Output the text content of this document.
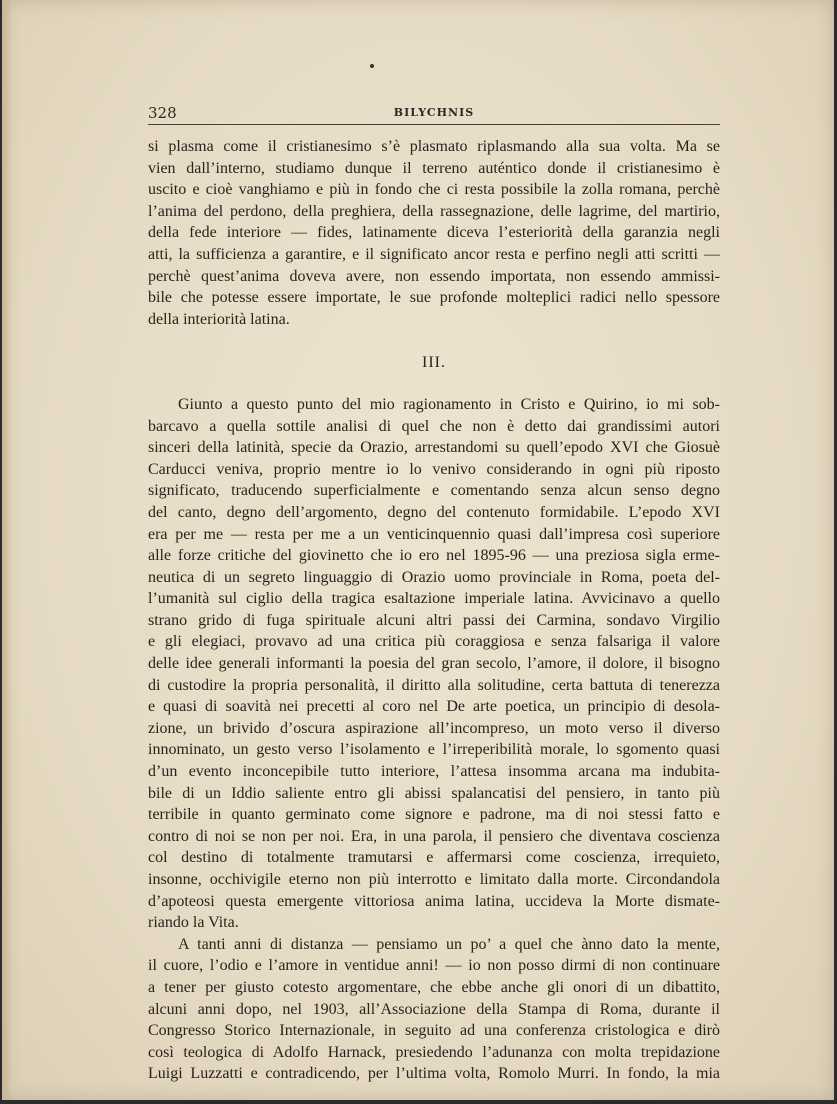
328	BILYCHNIS

si plasma come il cristianesimo s’è plasmato riplasmando alla sua volta. Ma se
vien dall’interno, studiamo dunque il terreno auténtico donde il cristianesimo è
uscito e cioè vanghiamo e più in fondo che ci resta possibile la zolla romana, perchè
l’anima del perdono, della preghiera, della rassegnazione, delle lagrime, del martirio,
della fede interiore — fides, latinamente diceva l’esteriorità della garanzia negli
atti, la sufficienza a garantire, e il significato ancor resta e perfino negli atti scritti —
perchè quest’anima doveva avere, non essendo importata, non essendo ammissi-
bile che potesse essere importate, le sue profonde molteplici radici nello spessore
della interiorità latina.

III.

Giunto a questo punto del mio ragionamento in Cristo e Quirino, io mi sob-
barcavo a quella sottile analisi di quel che non è detto dai grandissimi autori
sinceri della latinità, specie da Orazio, arrestandomi su quell’epodo XVI che Giosuè
Carducci veniva, proprio mentre io lo venivo considerando in ogni più riposto
significato, traducendo superficialmente e comentando senza alcun senso degno
del canto, degno dell’argomento, degno del contenuto formidabile. L’epodo XVI
era per me — resta per me a un venticinquennio quasi dall’impresa così superiore
alle forze critiche del giovinetto che io ero nel 1895-96 — una preziosa sigla erme-
neutica di un segreto linguaggio di Orazio uomo provinciale in Roma, poeta del-
l’umanità sul ciglio della tragica esaltazione imperiale latina. Avvicinavo a quello
strano grido di fuga spirituale alcuni altri passi dei Carmina, sondavo Virgilio
e gli elegiaci, provavo ad una critica più coraggiosa e senza falsariga il valore
delle idee generali informanti la poesia del gran secolo, l’amore, il dolore, il bisogno
di custodire la propria personalità, il diritto alla solitudine, certa battuta di tenerezza
e quasi di soavità nei precetti al coro nel De arte poetica, un principio di desola-
zione, un brivido d’oscura aspirazione all’incompreso, un moto verso il diverso
innominato, un gesto verso l’isolamento e l’irreperibilità morale, lo sgomento quasi
d’un evento inconcepibile tutto interiore, l’attesa insomma arcana ma indubita-
bile di un Iddio saliente entro gli abissi spalancatisi del pensiero, in tanto più
terribile in quanto germinato come signore e padrone, ma di noi stessi fatto e
contro di noi se non per noi. Era, in una parola, il pensiero che diventava coscienza
col destino di totalmente tramutarsi e affermarsi come coscienza, irrequieto,
insonne, occhivigile eterno non più interrotto e limitato dalla morte. Circondandola
d’apoteosi questa emergente vittoriosa anima latina, uccideva la Morte dismate-
riando la Vita.

A tanti anni di distanza — pensiamo un po’ a quel che ànno dato la mente,
il cuore, l’odio e l’amore in ventidue anni! — io non posso dirmi di non continuare
a tener per giusto cotesto argomentare, che ebbe anche gli onori di un dibattito,
alcuni anni dopo, nel 1903, all’Associazione della Stampa di Roma, durante il
Congresso Storico Internazionale, in seguito ad una conferenza cristologica e dirò
così teologica di Adolfo Harnack, presiedendo l’adunanza con molta trepidazione
Luigi Luzzatti e contradicendo, per l’ultima volta, Romolo Murri. In fondo, la mia
